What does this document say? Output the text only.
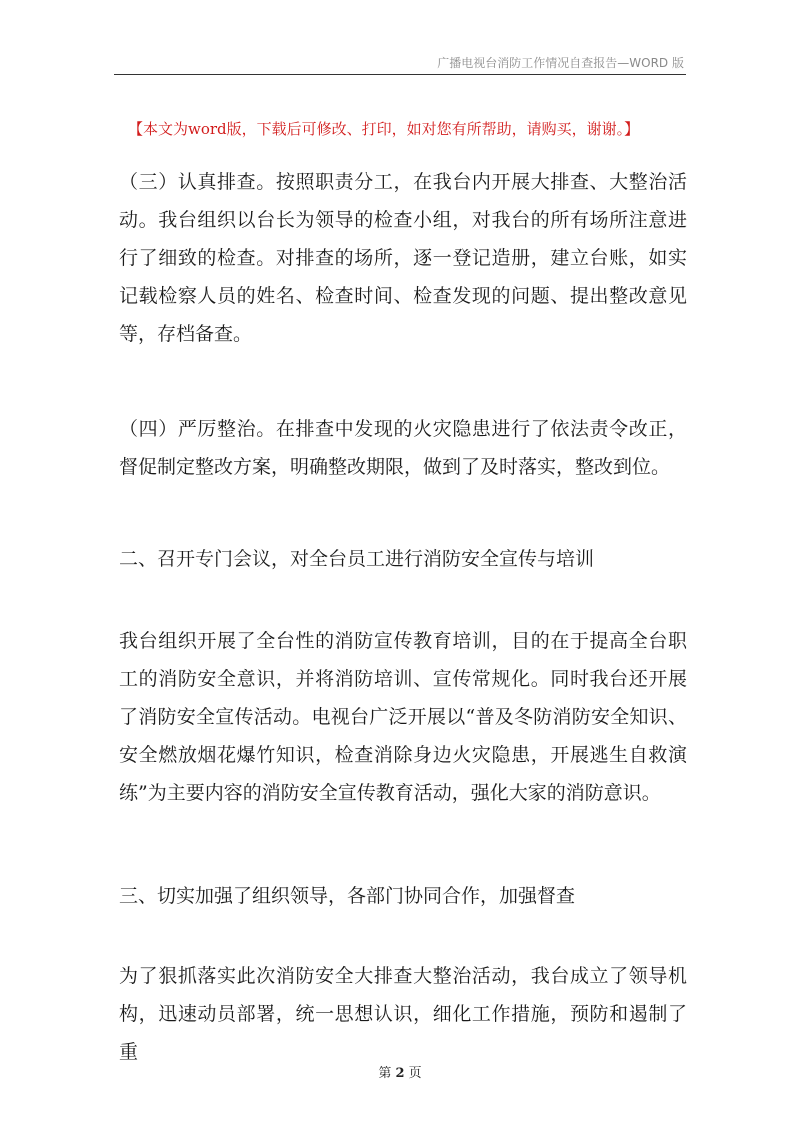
广播电视台消防工作情况自查报告—WORD 版
【本文为word版，下载后可修改、打印，如对您有所帮助，请购买，谢谢。】

（三）认真排查。按照职责分工，在我台内开展大排查、大整治活动。我台组织以台长为领导的检查小组，对我台的所有场所注意进行了细致的检查。对排查的场所，逐一登记造册，建立台账，如实记载检察人员的姓名、检查时间、检查发现的问题、提出整改意见等，存档备查。

（四）严厉整治。在排查中发现的火灾隐患进行了依法责令改正，督促制定整改方案，明确整改期限，做到了及时落实，整改到位。

二、召开专门会议，对全台员工进行消防安全宣传与培训

我台组织开展了全台性的消防宣传教育培训，目的在于提高全台职工的消防安全意识，并将消防培训、宣传常规化。同时我台还开展了消防安全宣传活动。电视台广泛开展以“普及冬防消防安全知识、安全燃放烟花爆竹知识，检查消除身边火灾隐患，开展逃生自救演练”为主要内容的消防安全宣传教育活动，强化大家的消防意识。

三、切实加强了组织领导，各部门协同合作，加强督查

为了狠抓落实此次消防安全大排查大整治活动，我台成立了领导机构，迅速动员部署，统一思想认识，细化工作措施，预防和遏制了重

第 2 页
